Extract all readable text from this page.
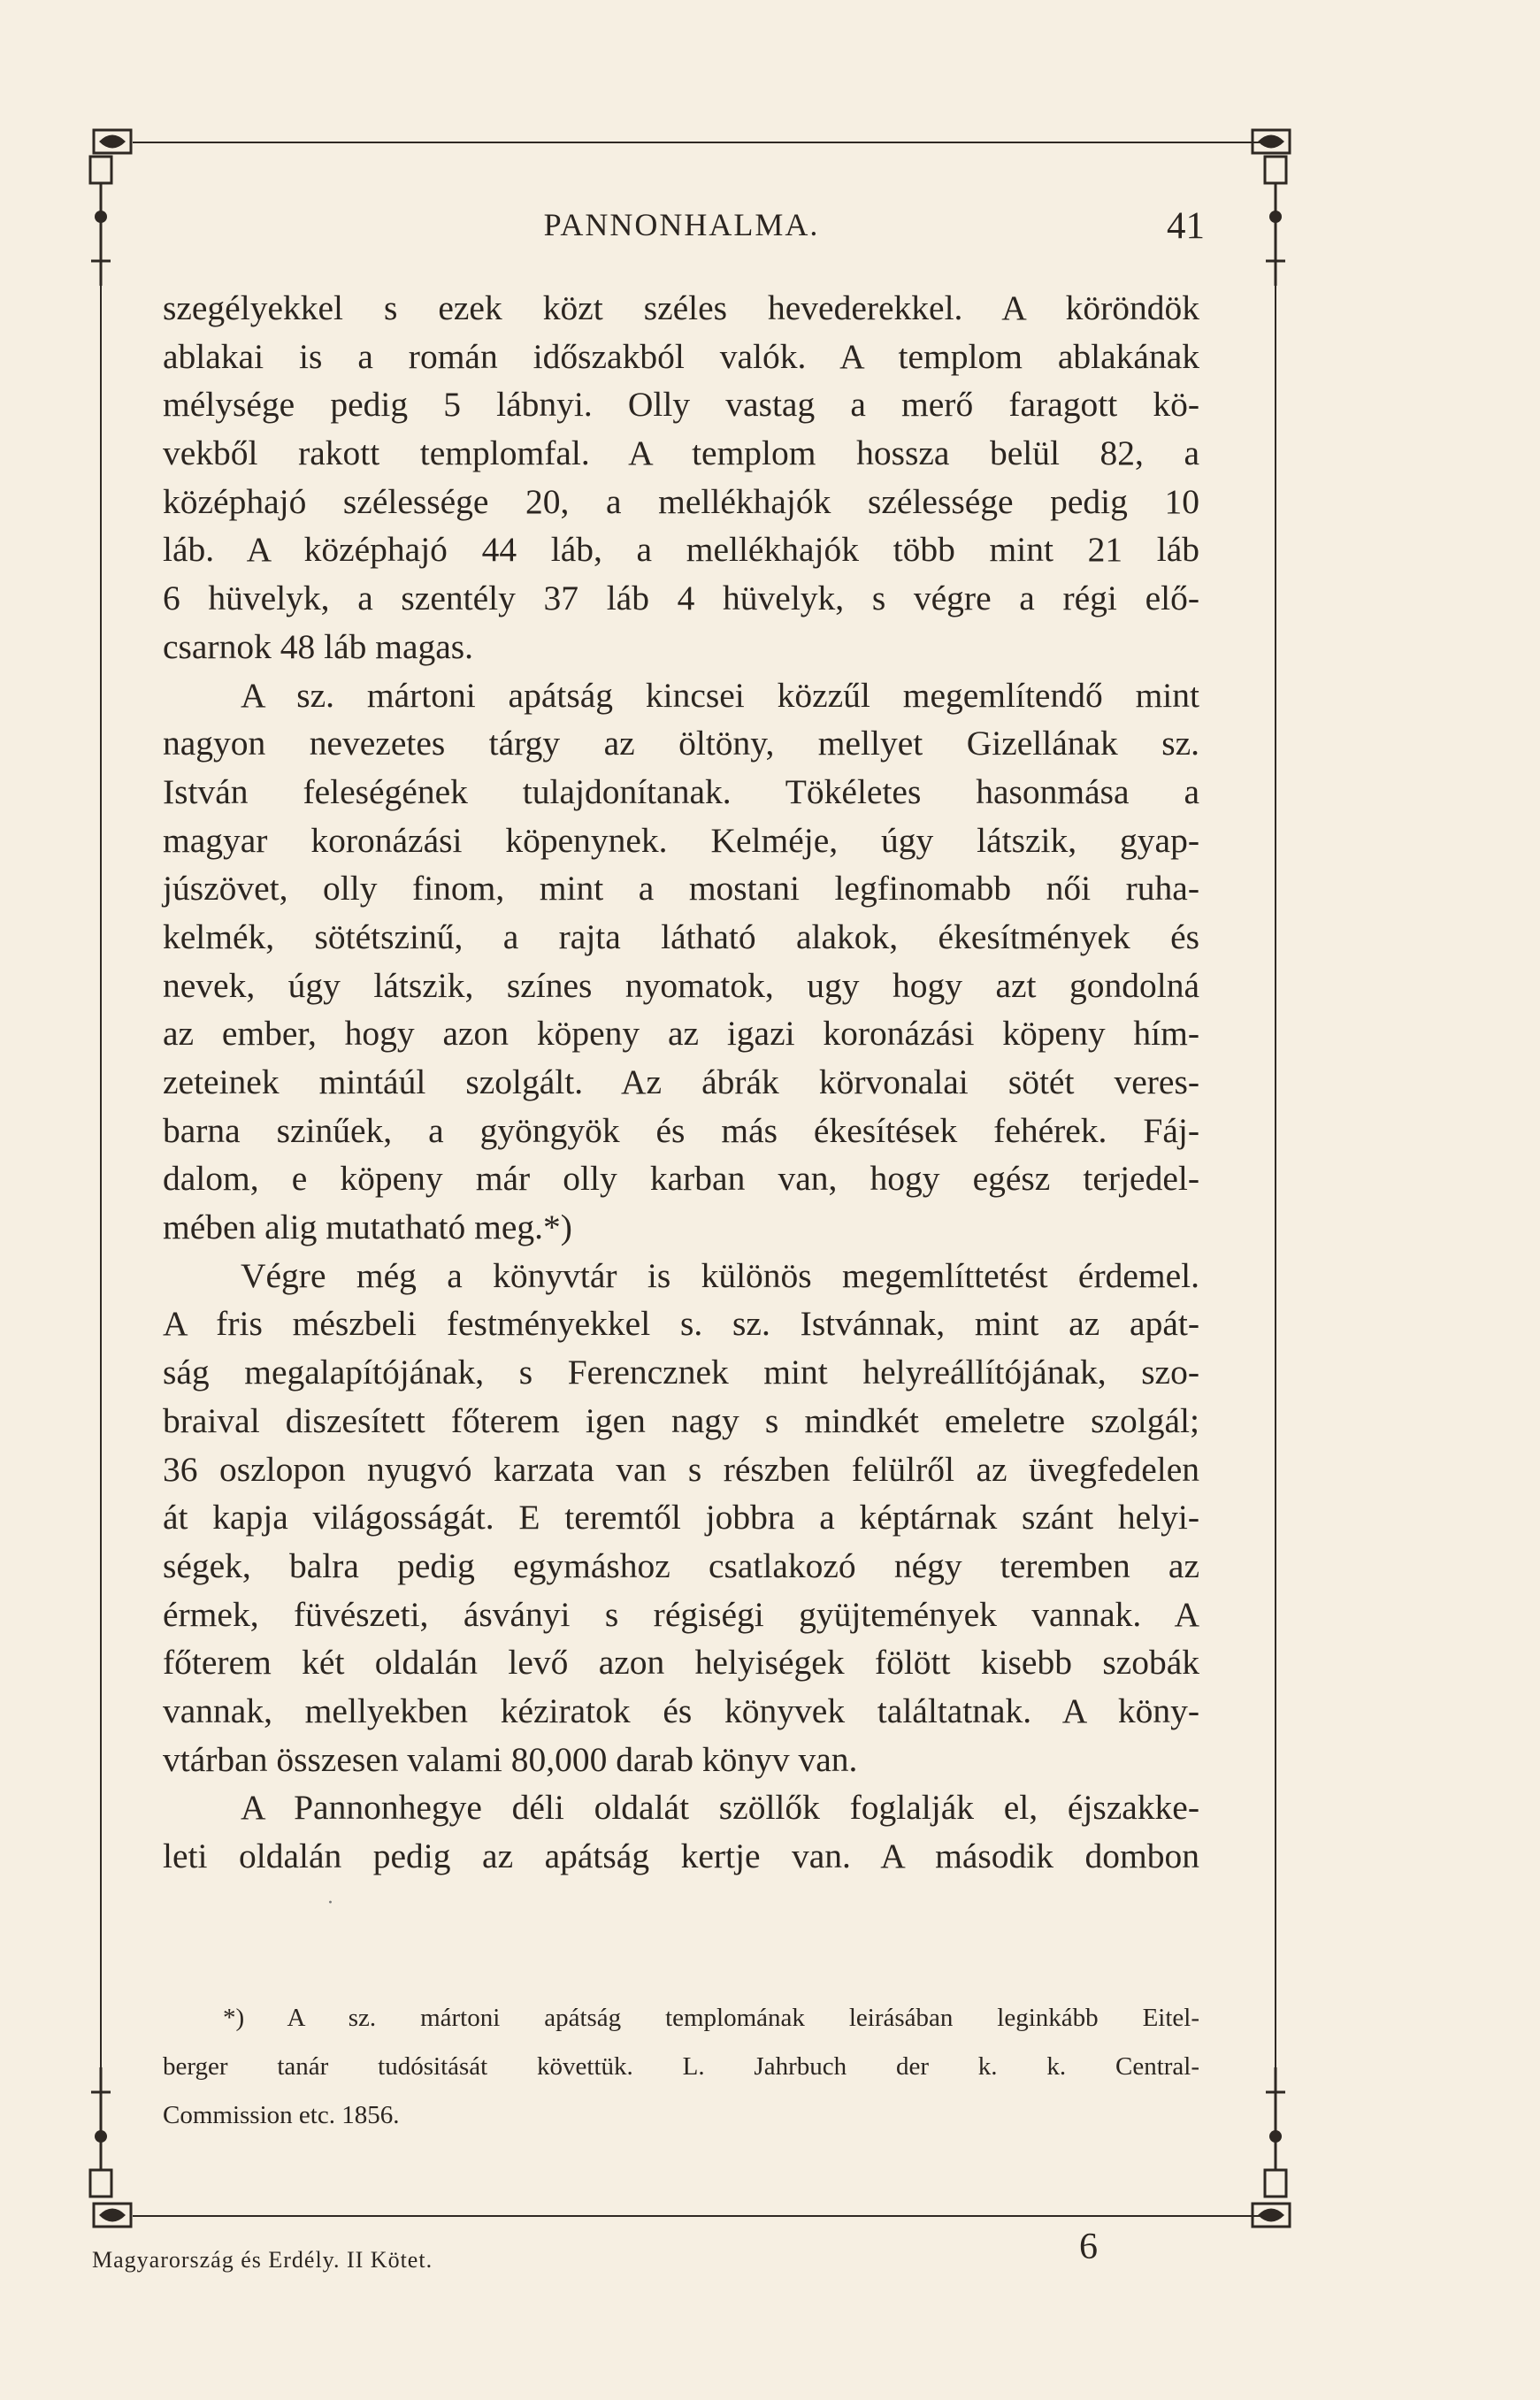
PANNONHALMA.	41
szegélyekkel s ezek közt széles hevederekkel. A köröndök
ablakai is a román időszakból valók. A templom ablakának
mélysége pedig 5 lábnyi. Olly vastag a merő faragott kö-
vekből rakott templomfal. A templom hossza belül 82, a
középhajó szélessége 20, a mellékhajók szélessége pedig 10
láb. A középhajó 44 láb, a mellékhajók több mint 21 láb
6 hüvelyk, a szentély 37 láb 4 hüvelyk, s végre a régi elő-
csarnok 48 láb magas.
A sz. mártoni apátság kincsei közzűl megemlítendő mint
nagyon nevezetes tárgy az öltöny, mellyet Gizellának sz.
István feleségének tulajdonítanak. Tökéletes hasonmása a
magyar koronázási köpenynek. Kelméje, úgy látszik, gyap-
júszövet, olly finom, mint a mostani legfinomabb női ruha-
kelmék, sötétszinű, a rajta látható alakok, ékesítmények és
nevek, úgy látszik, színes nyomatok, ugy hogy azt gondolná
az ember, hogy azon köpeny az igazi koronázási köpeny hím-
zeteinek mintáúl szolgált. Az ábrák körvonalai sötét veres-
barna szinűek, a gyöngyök és más ékesítések fehérek. Fáj-
dalom, e köpeny már olly karban van, hogy egész terjedel-
mében alig mutatható meg.*)
Végre még a könyvtár is különös megemlíttetést érdemel.
A fris mészbeli festményekkel s. sz. Istvánnak, mint az apát-
ság megalapítójának, s Ferencznek mint helyreállítójának, szo-
braival diszesített főterem igen nagy s mindkét emeletre szolgál;
36 oszlopon nyugvó karzata van s részben felülről az üvegfedelen
át kapja világosságát. E teremtől jobbra a képtárnak szánt helyi-
ségek, balra pedig egymáshoz csatlakozó négy teremben az
érmek, füvészeti, ásványi s régiségi gyüjtemények vannak. A
főterem két oldalán levő azon helyiségek fölött kisebb szobák
vannak, mellyekben kéziratok és könyvek találtatnak. A köny-
vtárban összesen valami 80,000 darab könyv van.
A Pannonhegye déli oldalát szöllők foglalják el, éjszakke-
leti oldalán pedig az apátság kertje van. A második dombon
·
*) A sz. mártoni apátság templomának leirásában leginkább Eitel-
berger tanár tudósitását követtük. L. Jahrbuch der k. k. Central-
Commission etc. 1856.
Magyarország és Erdély. II Kötet.	6
